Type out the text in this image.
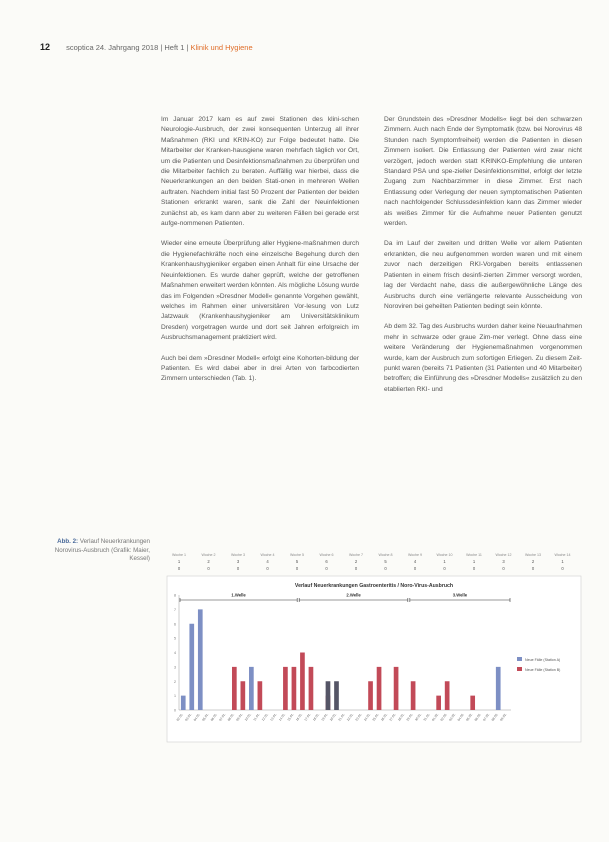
12 scoptica 24. Jahrgang 2018 | Heft 1 | Klinik und Hygiene

Im Januar 2017 kam es auf zwei Stationen des klini-schen Neurologie-Ausbruch, der zwei konsequenten Unterzug all ihrer Maßnahmen (RKI und KRIN-KO) zur Folge bedeutet hatte. Die Mitarbeiter der Kranken-hausgiene waren mehrfach täglich vor Ort, um die Patienten und Desinfektionsmaßnahmen zu überprüfen und die Mitarbeiter fachlich zu beraten. Auffällig war hierbei, dass die Neuerkrankungen an den beiden Stati-onen in mehreren Wellen auftraten. Nachdem initial fast 50 Prozent der Patienten der beiden Stationen erkrankt waren, sank die Zahl der Neuinfektionen zunächst ab, es kam dann aber zu weiteren Fällen bei gerade erst aufge-nommenen Patienten.

Wieder eine erneute Überprüfung aller Hygiene-maßnahmen durch die Hygienefachkräfte noch eine einzelsche Begehung durch den Krankenhaushygieniker ergaben einen Anhalt für eine Ursache der Neuinfektionen. Es wurde daher geprüft, welche der getroffenen Maßnahmen erweitert werden könnten. Als mögliche Lösung wurde das im Folgenden »Dresdner Modell« genannte Vorgehen gewählt, welches im Rahmen einer universitären Vor-lesung von Lutz Jatzwauk (Krankenhaushygieniker am Universitätsklinikum Dresden) vorgetragen wurde und dort seit Jahren erfolgreich im Ausbruchsmanagement praktiziert wird.

Auch bei dem »Dresdner Modell« erfolgt eine Kohorten-bildung der Patienten. Es wird dabei aber in drei Arten von farbcodierten Zimmern unterschieden (Tab. 1).

Der Grundstein des »Dresdner Modells« liegt bei den schwarzen Zimmern. Auch nach Ende der Symptomatik (bzw. bei Norovirus 48 Stunden nach Symptomfreiheit) werden die Patienten in diesen Zimmern isoliert. Die Entlassung der Patienten wird zwar nicht verzögert, jedoch werden statt KRINKO-Empfehlung die unteren Standard PSA und spe-zieller Desinfektionsmittel, erfolgt der letzte Zugang zum Nachbarzimmer in diese Zimmer. Erst nach Entlassung oder Verlegung der neuen symptomatischen Patienten nach nachfolgender Schlussdesinfektion kann das Zimmer wieder als weißes Zimmer für die Aufnahme neuer Patienten genutzt werden.

Da im Lauf der zweiten und dritten Welle vor allem Patienten erkrankten, die neu aufgenommen worden waren und mit einem zuvor nach derzeitigen RKI-Vorgaben bereits entlassenen Patienten in einem frisch desinfi-zierten Zimmer versorgt worden, lag der Verdacht nahe, dass die außergewöhnliche Länge des Ausbruchs durch eine verlängerte relevante Ausscheidung von Noroviren bei geheilten Patienten bedingt sein könnte.

Ab dem 32. Tag des Ausbruchs wurden daher keine Neuaufnahmen mehr in schwarze oder graue Zim-mer verlegt. Ohne dass eine weitere Veränderung der Hygienemaßnahmen vorgenommen wurde, kam der Ausbruch zum sofortigen Erliegen. Zu diesem Zeit-punkt waren (bereits 71 Patienten (31 Patienten und 40 Mitarbeiter) betroffen; die Einführung des »Dresdner Modells« zusätzlich zu den etablierten RKI- und

Abb. 2: Verlauf Neuerkrankungen Norovirus-Ausbruch (Grafik: Maier, Kessel)
Woche 1	Woche 2	Woche 3	Woche 4	Woche 5	Woche 6	Woche 7	Woche 8	Woche 9	Woche 10	Woche 11	Woche 12	Woche 13	Woche 14
1	2	3	4	5	6	2	5	4	1	1	3	2	1
0	0	0	0	0	0	0	0	0	0	0	0	0	0
Verlauf Neuerkrankungen Gastroenteritis / Noro-Virus-Ausbruch
0
1
2
3
4
5
6
7
8	1.Welle	2.Welle	3.Welle
02.01. 03.01. 04.01. 05.01. 06.01. 07.01. 08.01. 09.01. 10.01. 11.01. 12.01. 13.01. 14.01. 15.01. 16.01. 17.01. 18.01. 19.01. 20.01. 21.01. 22.01. 23.01. 24.01. 25.01. 26.01. 27.01. 28.01. 29.01. 30.01. 31.01. 01.02. 02.02. 03.02. 04.02. 05.02. 06.02. 07.02. 08.02. 09.02.
Neue Fälle (Station A)
Neue Fälle (Station B)
